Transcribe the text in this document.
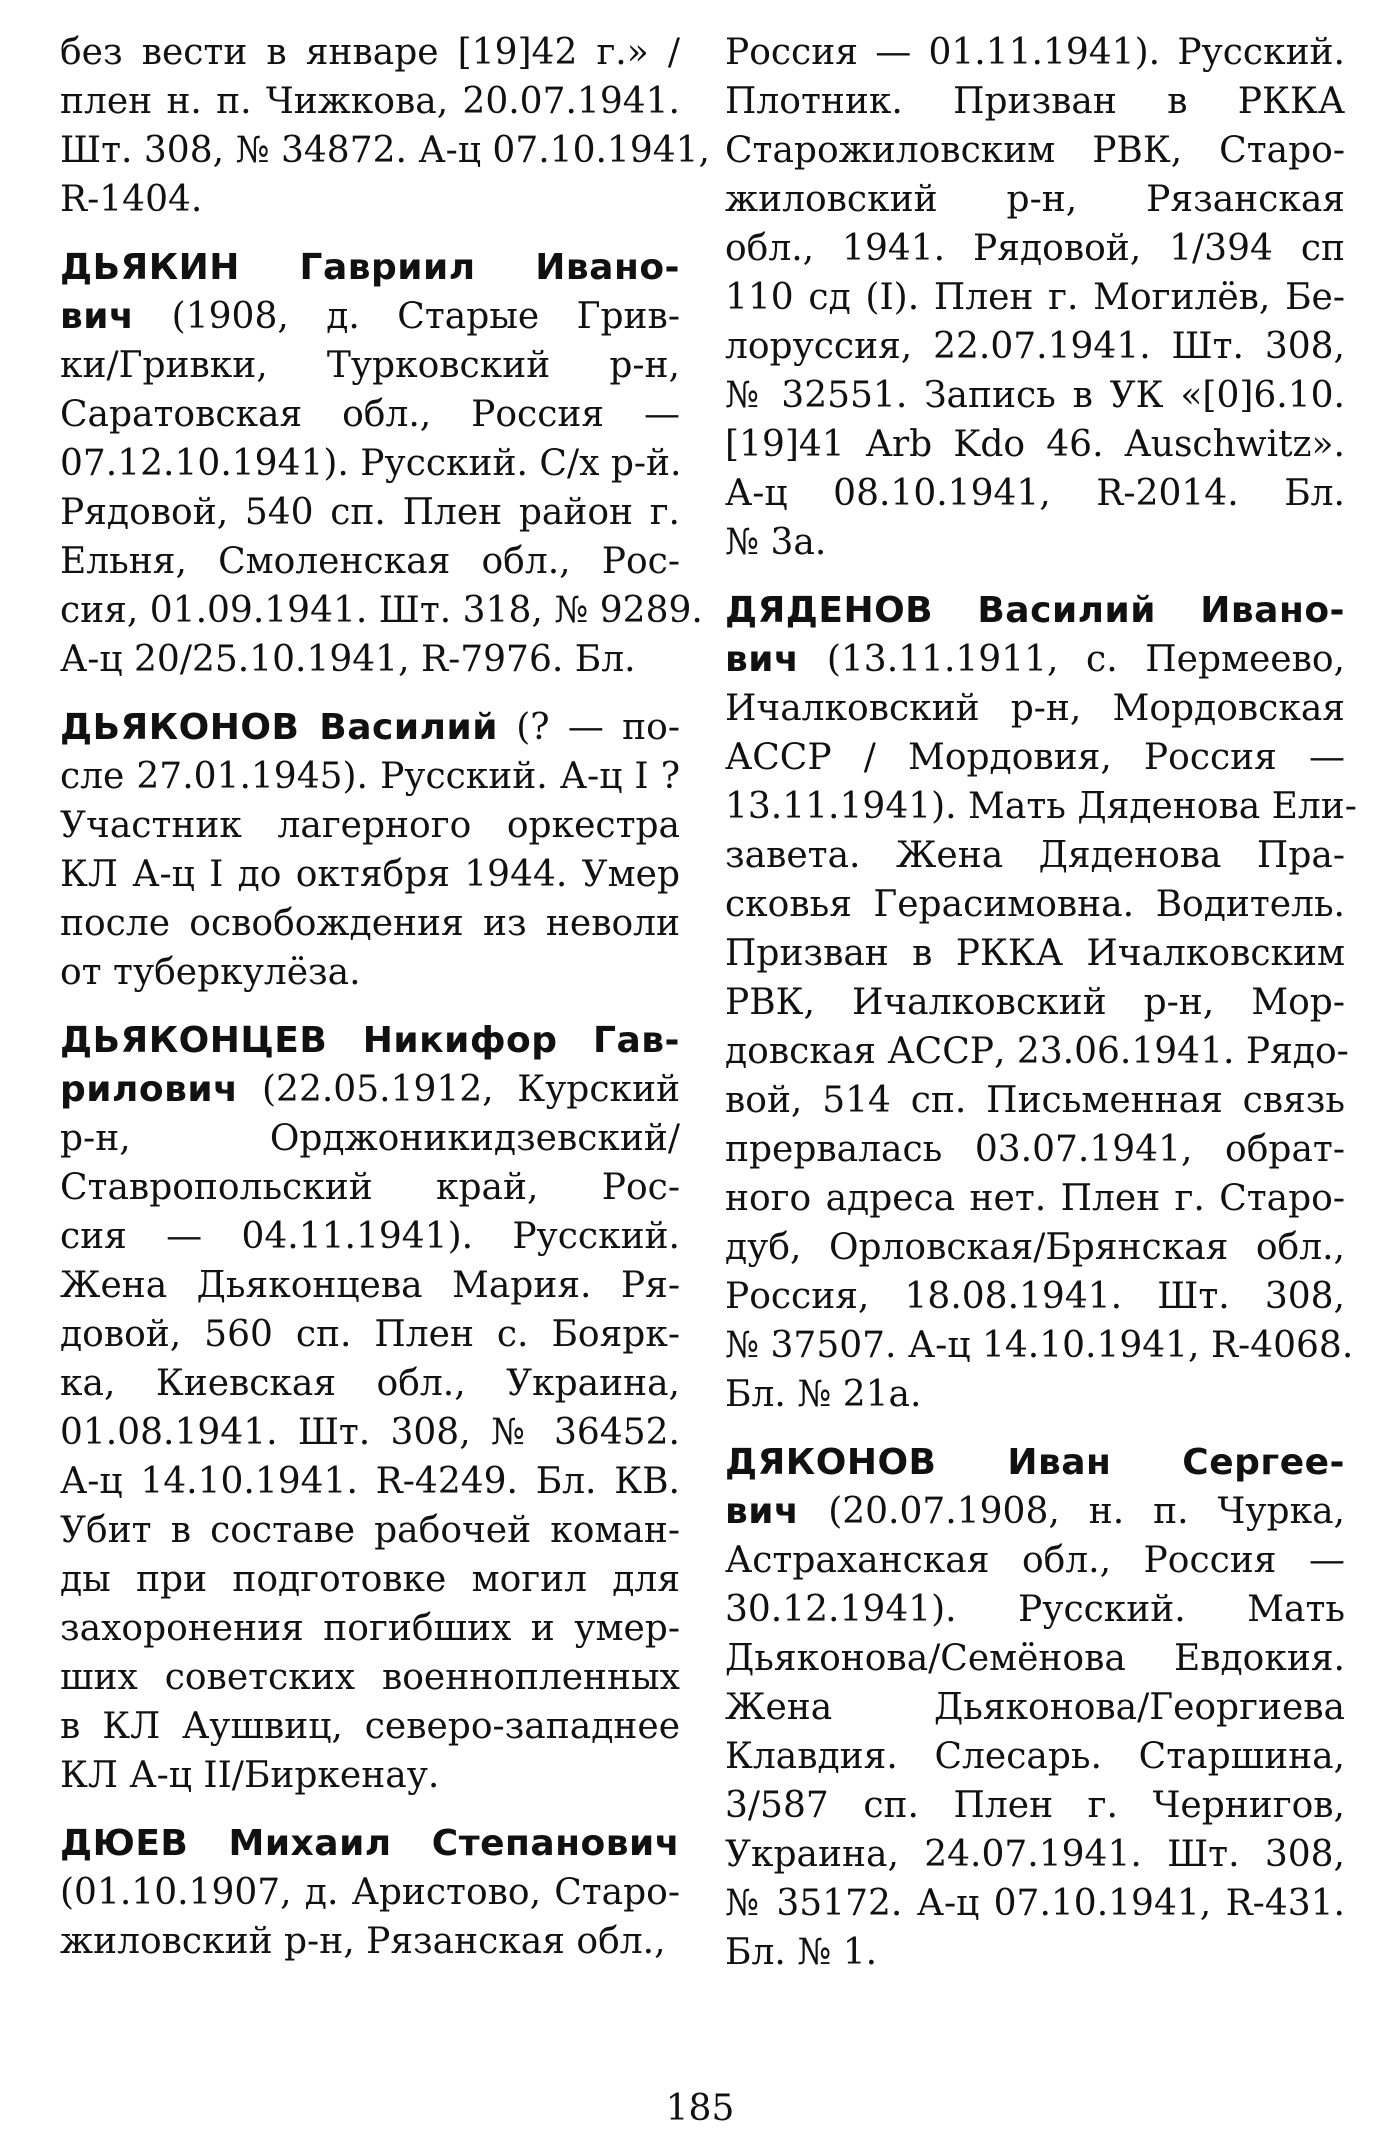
без вести в январе [19]42 г.» /
плен н. п. Чижкова, 20.07.1941.
Шт. 308, № 34872. А-ц 07.10.1941,
R-1404.
ДЬЯКИН Гавриил Ивано-
вич (1908, д. Старые Грив-
ки/Гривки, Турковский р-н,
Саратовская обл., Россия —
07.12.10.1941). Русский. С/х р-й.
Рядовой, 540 сп. Плен район г.
Ельня, Смоленская обл., Рос-
сия, 01.09.1941. Шт. 318, № 9289.
А-ц 20/25.10.1941, R-7976. Бл.
ДЬЯКОНОВ Василий (? — по-
сле 27.01.1945). Русский. А-ц I ?
Участник лагерного оркестра
КЛ А-ц I до октября 1944. Умер
после освобождения из неволи
от туберкулёза.
ДЬЯКОНЦЕВ Никифор Гав-
рилович (22.05.1912, Курский
р-н, Орджоникидзевский/
Ставропольский край, Рос-
сия — 04.11.1941). Русский.
Жена Дьяконцева Мария. Ря-
довой, 560 сп. Плен с. Боярк-
ка, Киевская обл., Украина,
01.08.1941. Шт. 308, № 36452.
А-ц 14.10.1941. R-4249. Бл. КВ.
Убит в составе рабочей коман-
ды при подготовке могил для
захоронения погибших и умер-
ших советских военнопленных
в КЛ Аушвиц, северо-западнее
КЛ А-ц II/Биркенау.
ДЮЕВ Михаил Степанович
(01.10.1907, д. Аристово, Старо-
жиловский р-н, Рязанская обл.,
Россия — 01.11.1941). Русский.
Плотник. Призван в РККА
Старожиловским РВК, Старо-
жиловский р-н, Рязанская
обл., 1941. Рядовой, 1/394 сп
110 сд (I). Плен г. Могилёв, Бе-
лоруссия, 22.07.1941. Шт. 308,
№ 32551. Запись в УК «[0]6.10.
[19]41 Arb Kdo 46. Auschwitz».
А-ц 08.10.1941, R-2014. Бл.
№ 3а.
ДЯДЕНОВ Василий Ивано-
вич (13.11.1911, с. Пермеево,
Ичалковский р-н, Мордовская
АССР / Мордовия, Россия —
13.11.1941). Мать Дяденова Ели-
завета. Жена Дяденова Пра-
сковья Герасимовна. Водитель.
Призван в РККА Ичалковским
РВК, Ичалковский р-н, Мор-
довская АССР, 23.06.1941. Рядо-
вой, 514 сп. Письменная связь
прервалась 03.07.1941, обрат-
ного адреса нет. Плен г. Старо-
дуб, Орловская/Брянская обл.,
Россия, 18.08.1941. Шт. 308,
№ 37507. А-ц 14.10.1941, R-4068.
Бл. № 21а.
ДЯКОНОВ Иван Сергее-
вич (20.07.1908, н. п. Чурка,
Астраханская обл., Россия —
30.12.1941). Русский. Мать
Дьяконова/Семёнова Евдокия.
Жена Дьяконова/Георгиева
Клавдия. Слесарь. Старшина,
3/587 сп. Плен г. Чернигов,
Украина, 24.07.1941. Шт. 308,
№ 35172. А-ц 07.10.1941, R-431.
Бл. № 1.
185
